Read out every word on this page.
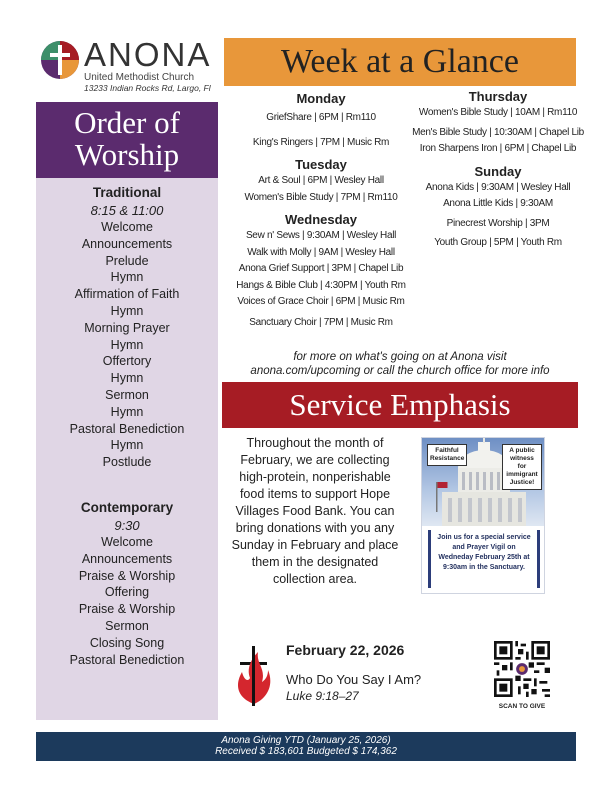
ANONA
United Methodist Church
13233 Indian Rocks Rd, Largo, Fl
Order of
Worship
Traditional
8:15 & 11:00
Welcome
Announcements
Prelude
Hymn
Affirmation of Faith
Hymn
Morning Prayer
Hymn
Offertory
Hymn
Sermon
Hymn
Pastoral Benediction
Hymn
Postlude
Contemporary
9:30
Welcome
Announcements
Praise & Worship
Offering
Praise & Worship
Sermon
Closing Song
Pastoral Benediction
Week at a Glance
Monday
GriefShare | 6PM | Rm110
King's Ringers | 7PM | Music Rm
Tuesday
Art & Soul | 6PM | Wesley Hall
Women's Bible Study | 7PM | Rm110
Wednesday
Sew n' Sews | 9:30AM | Wesley Hall
Walk with Molly | 9AM | Wesley Hall
Anona Grief Support | 3PM | Chapel Lib
Hangs & Bible Club | 4:30PM | Youth Rm
Voices of Grace Choir | 6PM | Music Rm
Sanctuary Choir | 7PM | Music Rm
Thursday
Women's Bible Study | 10AM | Rm110
Men's Bible Study | 10:30AM | Chapel Lib
Iron Sharpens Iron | 6PM | Chapel Lib
Sunday
Anona Kids | 9:30AM | Wesley Hall
Anona Little Kids | 9:30AM
Pinecrest Worship | 3PM
Youth Group | 5PM | Youth Rm
for more on what's going on at Anona visit
anona.com/upcoming or call the church office for more info
Service Emphasis
Throughout the month of February, we are collecting high-protein, nonperishable food items to support Hope Villages Food Bank. You can bring donations with you any Sunday in February and place them in the designated collection area.
Faithful Resistance
A public witness for immigrant Justice!
Join us for a special service and Prayer Vigil on Wedneday February 25th at 9:30am in the Sanctuary.
February 22, 2026
Who Do You Say I Am?
Luke 9:18–27
SCAN TO GIVE
Anona Giving YTD (January 25, 2026)
Received $ 183,601 Budgeted $ 174,362
